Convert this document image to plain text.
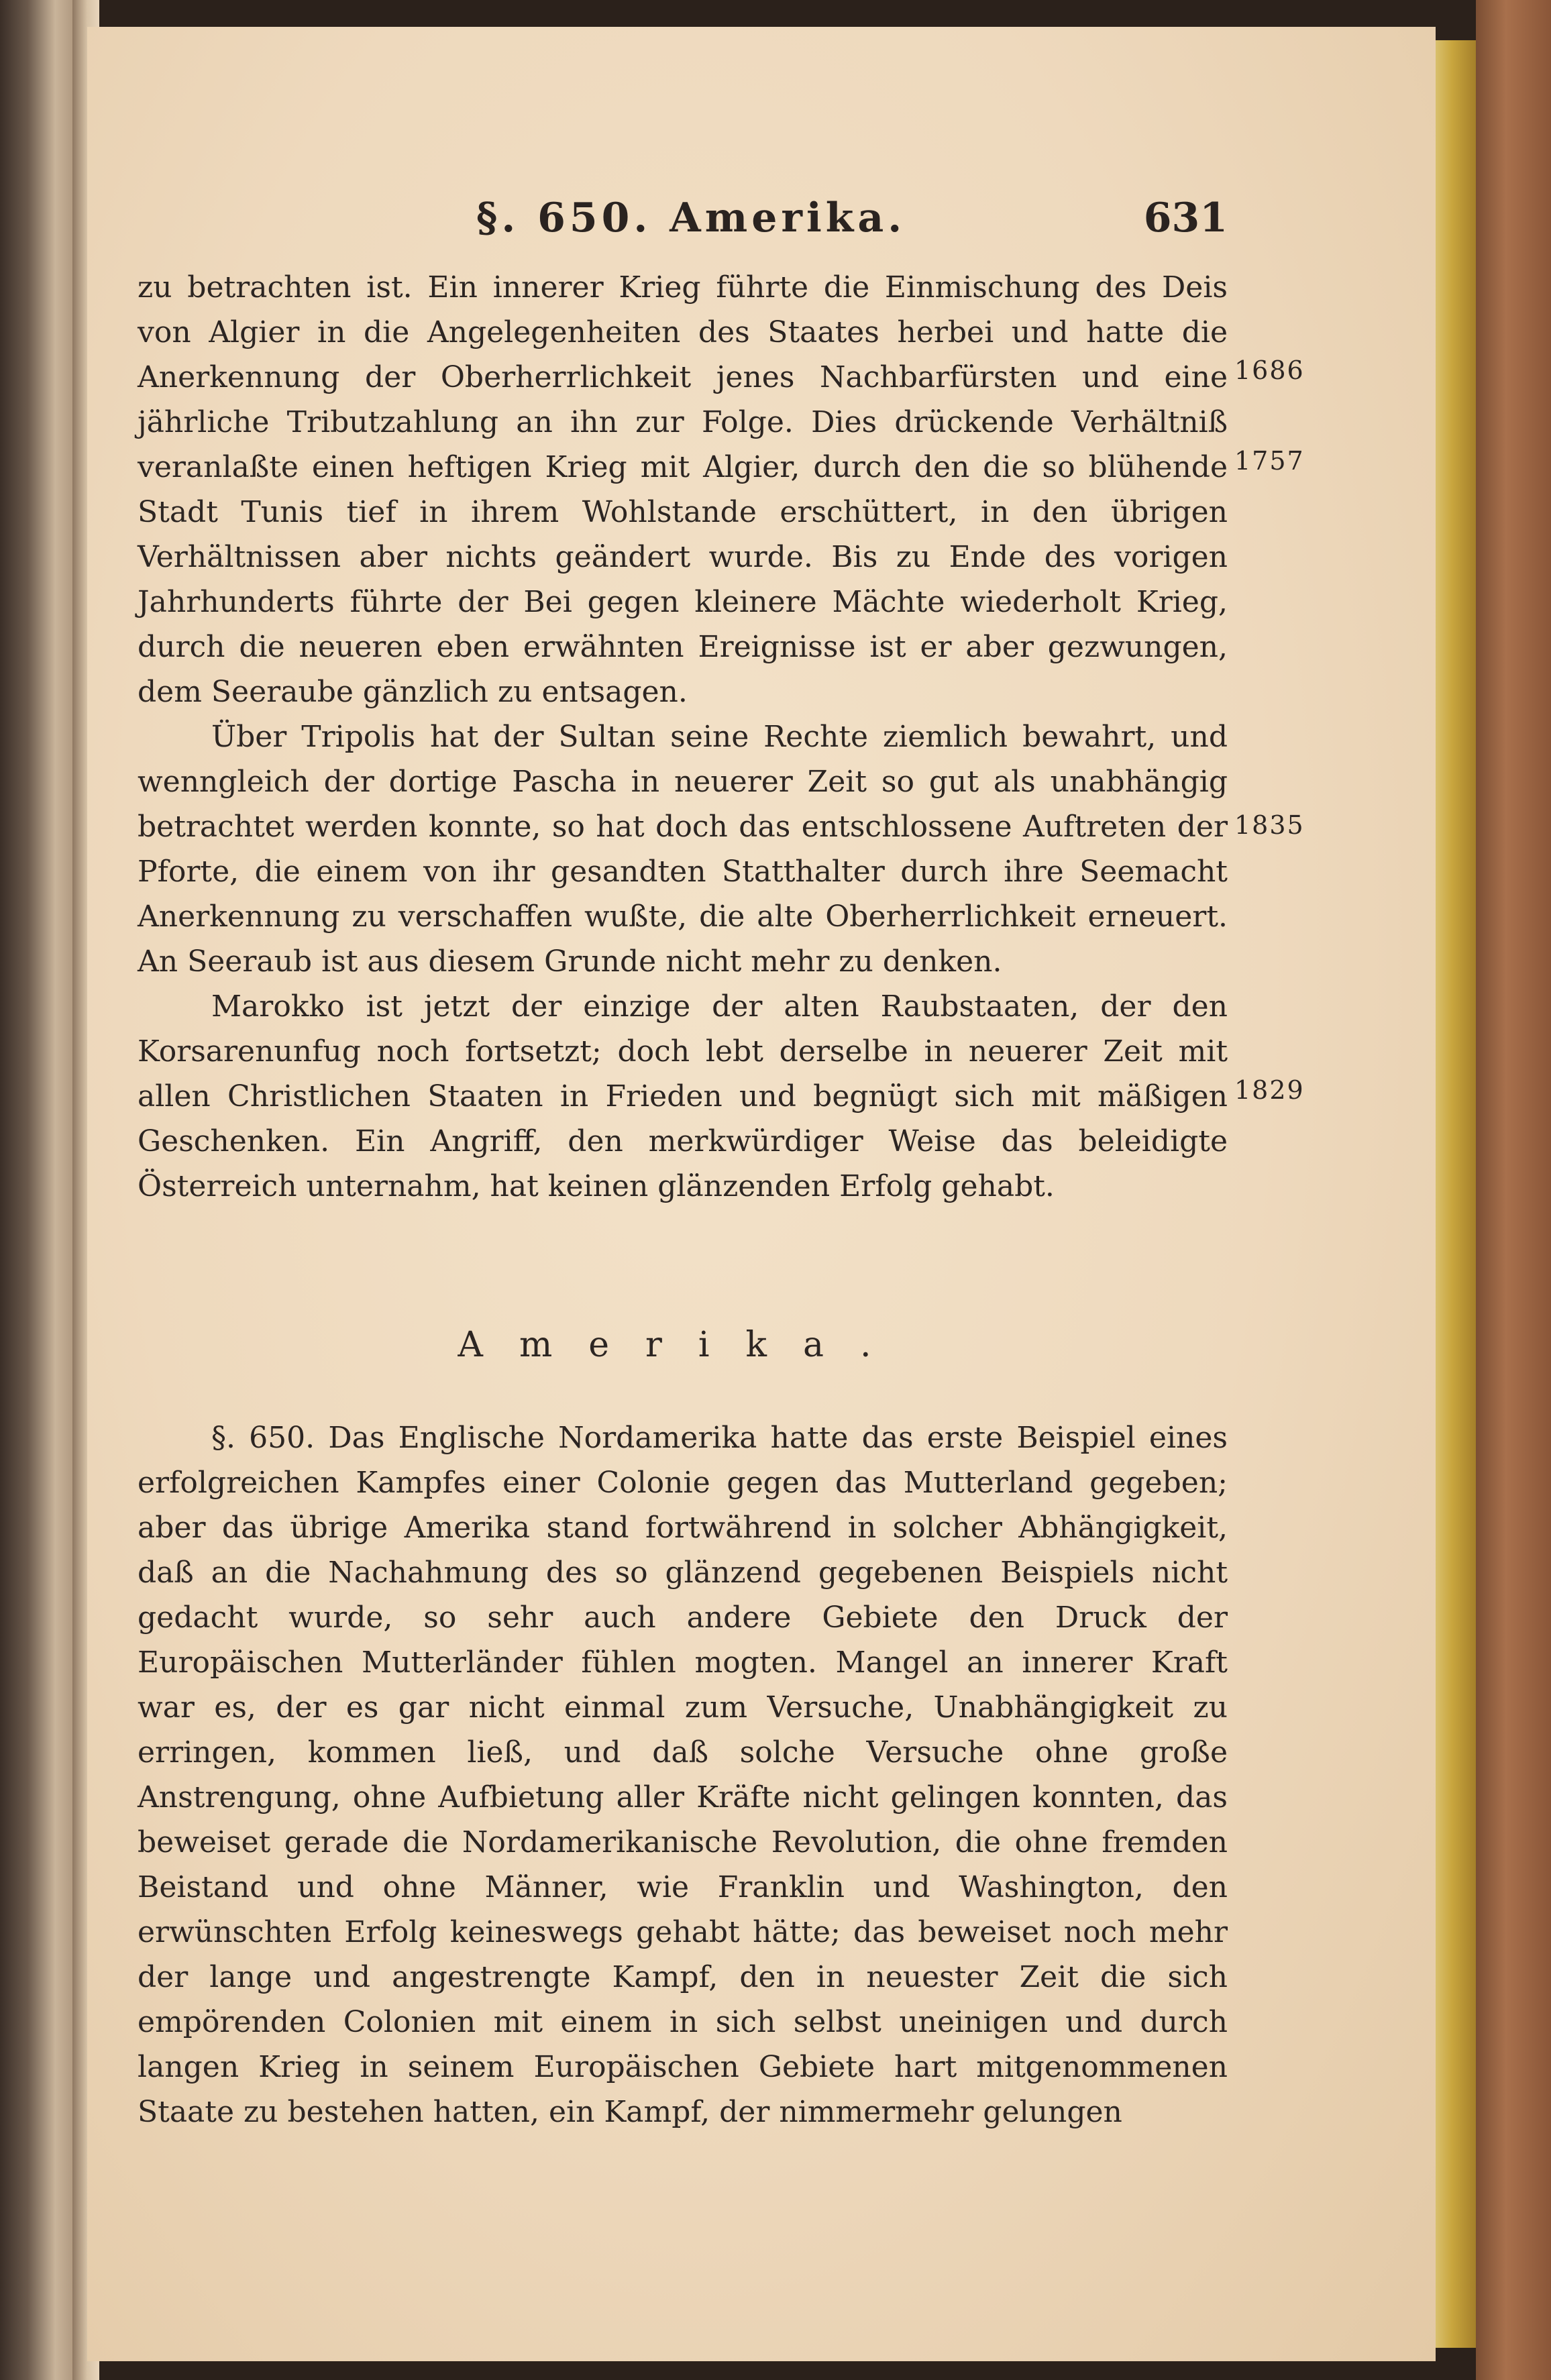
§. 650. Amerika.	631

zu betrachten ist. Ein innerer Krieg führte die Einmischung des Deis von Algier in die Angelegenheiten des Staates herbei und hatte die Anerkennung der Oberherrlichkeit jenes Nachbarfürsten und eine jährliche Tributzahlung an ihn zur Folge. Dies drückende Verhältniß veranlaßte einen heftigen Krieg mit Algier, durch den die so blühende Stadt Tunis tief in ihrem Wohlstande erschüttert, in den übrigen Verhältnissen aber nichts geändert wurde. Bis zu Ende des vorigen Jahrhunderts führte der Bei gegen kleinere Mächte wiederholt Krieg, durch die neueren eben erwähnten Ereignisse ist er aber gezwungen, dem Seeraube gänzlich zu entsagen.

Über Tripolis hat der Sultan seine Rechte ziemlich bewahrt, und wenngleich der dortige Pascha in neuerer Zeit so gut als unabhängig betrachtet werden konnte, so hat doch das entschlossene Auftreten der Pforte, die einem von ihr gesandten Statthalter durch ihre Seemacht Anerkennung zu verschaffen wußte, die alte Oberherrlichkeit erneuert. An Seeraub ist aus diesem Grunde nicht mehr zu denken.

Marokko ist jetzt der einzige der alten Raubstaaten, der den Korsarenunfug noch fortsetzt; doch lebt derselbe in neuerer Zeit mit allen Christlichen Staaten in Frieden und begnügt sich mit mäßigen Geschenken. Ein Angriff, den merkwürdiger Weise das beleidigte Österreich unternahm, hat keinen glänzenden Erfolg gehabt.

1686
1757
1835
1829
Amerika.

§. 650. Das Englische Nordamerika hatte das erste Beispiel eines erfolgreichen Kampfes einer Colonie gegen das Mutterland gegeben; aber das übrige Amerika stand fortwährend in solcher Abhängigkeit, daß an die Nachahmung des so glänzend gegebenen Beispiels nicht gedacht wurde, so sehr auch andere Gebiete den Druck der Europäischen Mutterländer fühlen mogten. Mangel an innerer Kraft war es, der es gar nicht einmal zum Versuche, Unabhängigkeit zu erringen, kommen ließ, und daß solche Versuche ohne große Anstrengung, ohne Aufbietung aller Kräfte nicht gelingen konnten, das beweiset gerade die Nordamerikanische Revolution, die ohne fremden Beistand und ohne Männer, wie Franklin und Washington, den erwünschten Erfolg keineswegs gehabt hätte; das beweiset noch mehr der lange und angestrengte Kampf, den in neuester Zeit die sich empörenden Colonien mit einem in sich selbst uneinigen und durch langen Krieg in seinem Europäischen Gebiete hart mitgenommenen Staate zu bestehen hatten, ein Kampf, der nimmermehr gelungen
